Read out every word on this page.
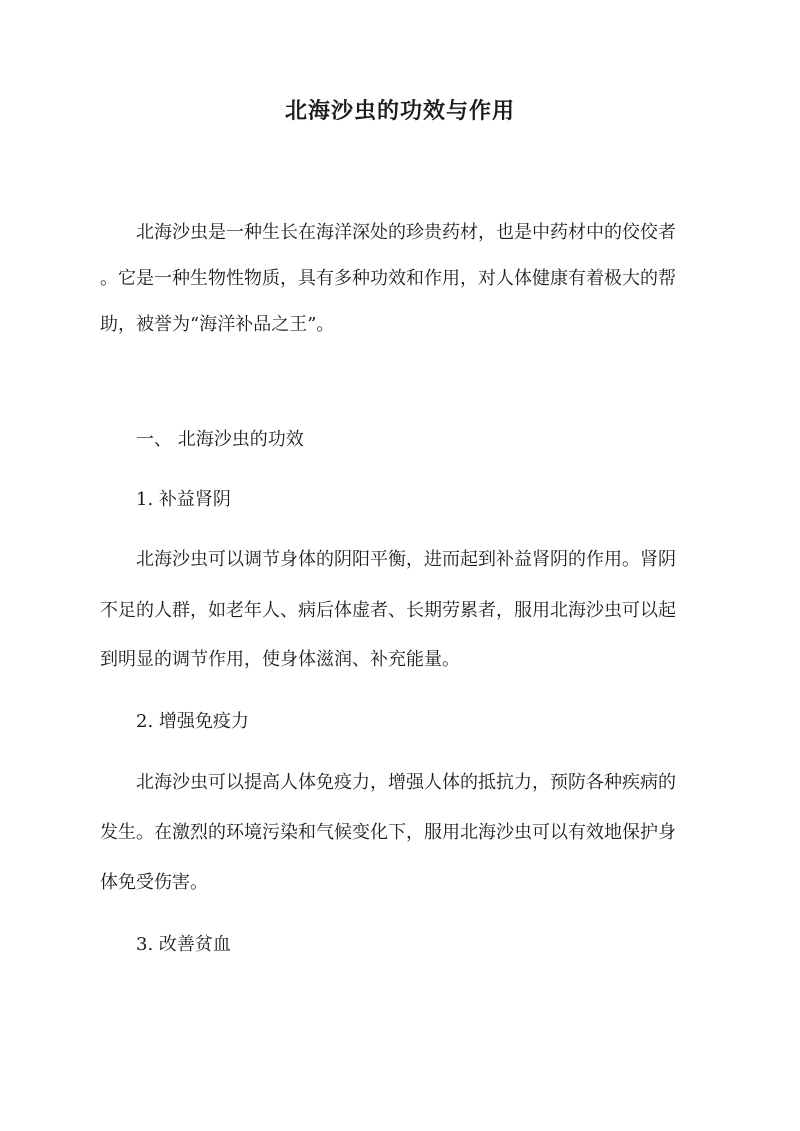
北海沙虫的功效与作用
北海沙虫是一种生长在海洋深处的珍贵药材，也是中药材中的佼佼者
。它是一种生物性物质，具有多种功效和作用，对人体健康有着极大的帮
助，被誉为“海洋补品之王”。
一、 北海沙虫的功效
1. 补益肾阴
北海沙虫可以调节身体的阴阳平衡，进而起到补益肾阴的作用。肾阴
不足的人群，如老年人、病后体虚者、长期劳累者，服用北海沙虫可以起
到明显的调节作用，使身体滋润、补充能量。
2. 增强免疫力
北海沙虫可以提高人体免疫力，增强人体的抵抗力，预防各种疾病的
发生。在激烈的环境污染和气候变化下，服用北海沙虫可以有效地保护身
体免受伤害。
3. 改善贫血
